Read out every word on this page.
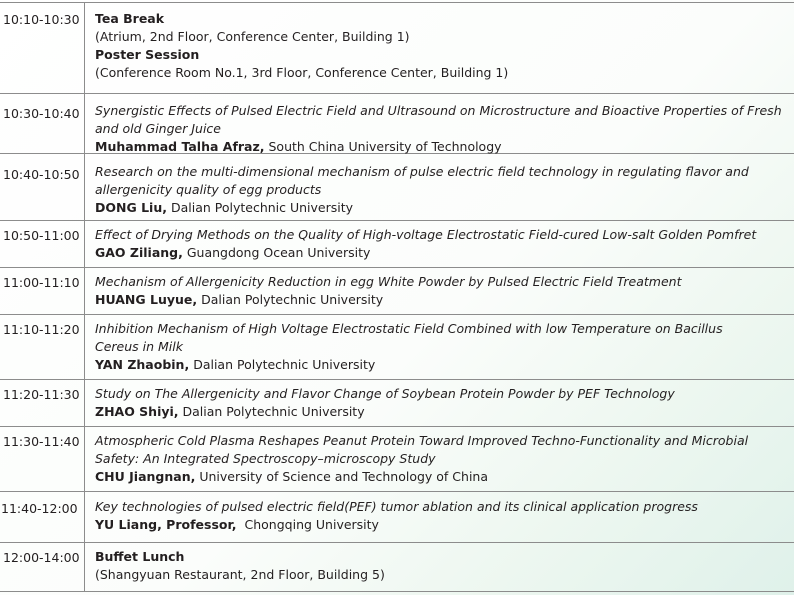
10:10-10:30 Tea Break
(Atrium, 2nd Floor, Conference Center, Building 1)
Poster Session
(Conference Room No.1, 3rd Floor, Conference Center, Building 1)
10:30-10:40 Synergistic Effects of Pulsed Electric Field and Ultrasound on Microstructure and Bioactive Properties of Fresh
and old Ginger Juice
Muhammad Talha Afraz, South China University of Technology
10:40-10:50 Research on the multi-dimensional mechanism of pulse electric field technology in regulating flavor and
allergenicity quality of egg products
DONG Liu, Dalian Polytechnic University
10:50-11:00 Effect of Drying Methods on the Quality of High-voltage Electrostatic Field-cured Low-salt Golden Pomfret
GAO Ziliang, Guangdong Ocean University
11:00-11:10 Mechanism of Allergenicity Reduction in egg White Powder by Pulsed Electric Field Treatment
HUANG Luyue, Dalian Polytechnic University
11:10-11:20 Inhibition Mechanism of High Voltage Electrostatic Field Combined with low Temperature on Bacillus
Cereus in Milk
YAN Zhaobin, Dalian Polytechnic University
11:20-11:30 Study on The Allergenicity and Flavor Change of Soybean Protein Powder by PEF Technology
ZHAO Shiyi, Dalian Polytechnic University
11:30-11:40 Atmospheric Cold Plasma Reshapes Peanut Protein Toward Improved Techno-Functionality and Microbial
Safety: An Integrated Spectroscopy–microscopy Study
CHU Jiangnan, University of Science and Technology of China
11:40-12:00 Key technologies of pulsed electric field(PEF) tumor ablation and its clinical application progress
YU Liang, Professor,  Chongqing University
12:00-14:00 Buffet Lunch
(Shangyuan Restaurant, 2nd Floor, Building 5)
